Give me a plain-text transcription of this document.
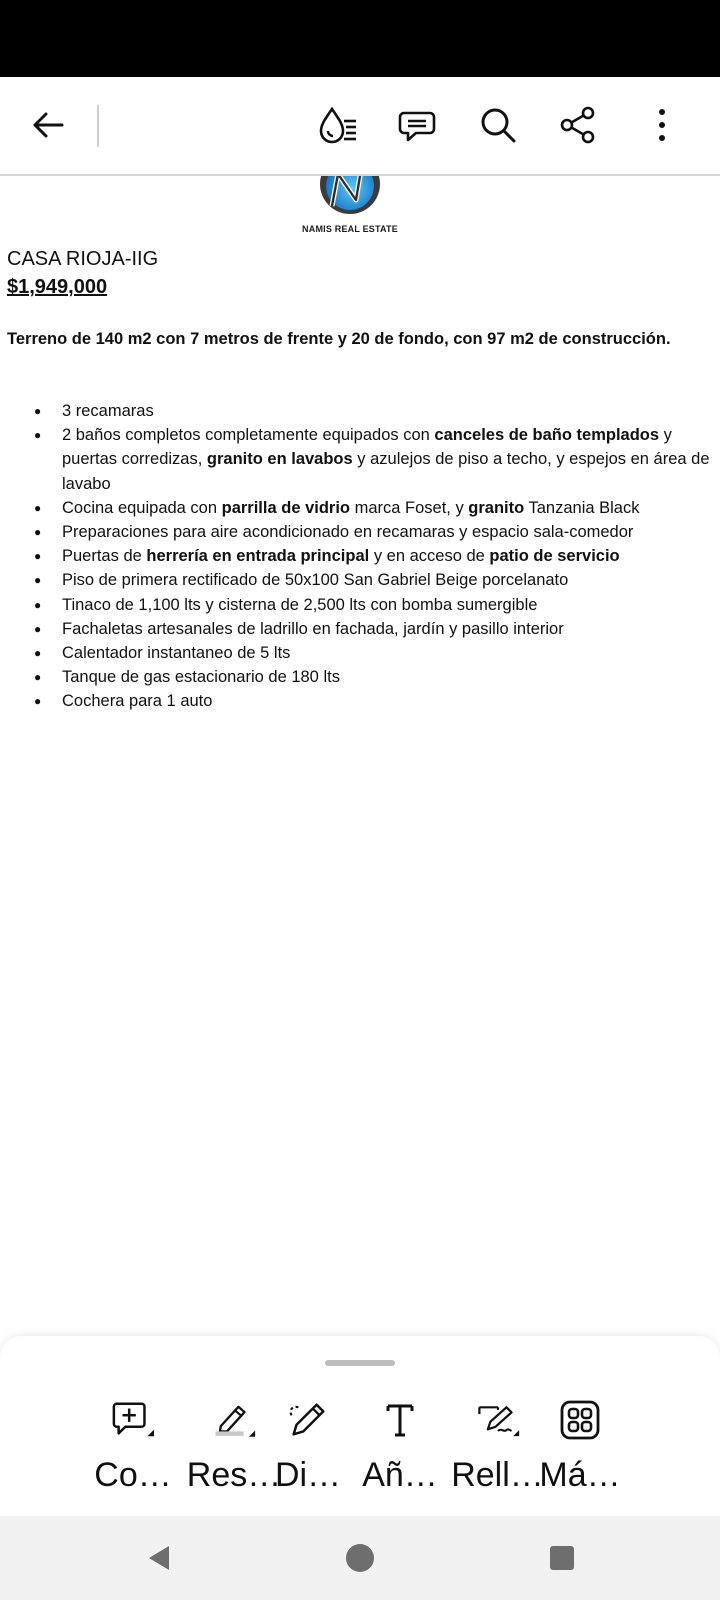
NAMIS REAL ESTATE
CASA RIOJA-IIG
$1,949,000
Terreno de 140 m2 con 7 metros de frente y 20 de fondo, con 97 m2 de construcción.
● 3 recamaras
● 2 baños completos completamente equipados con canceles de baño templados y puertas corredizas, granito en lavabos y azulejos de piso a techo, y espejos en área de lavabo
● Cocina equipada con parrilla de vidrio marca Foset, y granito Tanzania Black
● Preparaciones para aire acondicionado en recamaras y espacio sala-comedor
● Puertas de herrería en entrada principal y en acceso de patio de servicio
● Piso de primera rectificado de 50x100 San Gabriel Beige porcelanato
● Tinaco de 1,100 lts y cisterna de 2,500 lts con bomba sumergible
● Fachaletas artesanales de ladrillo en fachada, jardín y pasillo interior
● Calentador instantaneo de 5 lts
● Tanque de gas estacionario de 180 lts
● Cochera para 1 auto
Co… Res…
Di… Añ… Rell…
Má…
